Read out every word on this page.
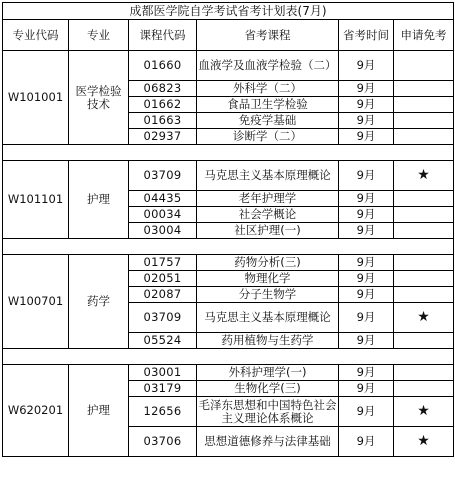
成都医学院自学考试省考计划表(7月)					
专业代码	专业	课程代码	省考课程	省考时间	申请免考
W101001	医学检验技术	01660	血液学及血液学检验（二）	9月	
		06823	外科学（二）	9月	
		01662	食品卫生学检验	9月	
		01663	免疫学基础	9月	
		02937	诊断学（二）	9月	

W101101	护理	03709	马克思主义基本原理概论	9月	★
		04435	老年护理学	9月	
		00034	社会学概论	9月	
		03004	社区护理(一)	9月	

W100701	药学	01757	药物分析(三)	9月	
		02051	物理化学	9月	
		02087	分子生物学	9月	
		03709	马克思主义基本原理概论	9月	★
		05524	药用植物与生药学	9月	

W620201	护理	03001	外科护理学(一)	9月	
		03179	生物化学(三)	9月	
		12656	毛泽东思想和中国特色社会主义理论体系概论	9月	★
		03706	思想道德修养与法律基础	9月	★
